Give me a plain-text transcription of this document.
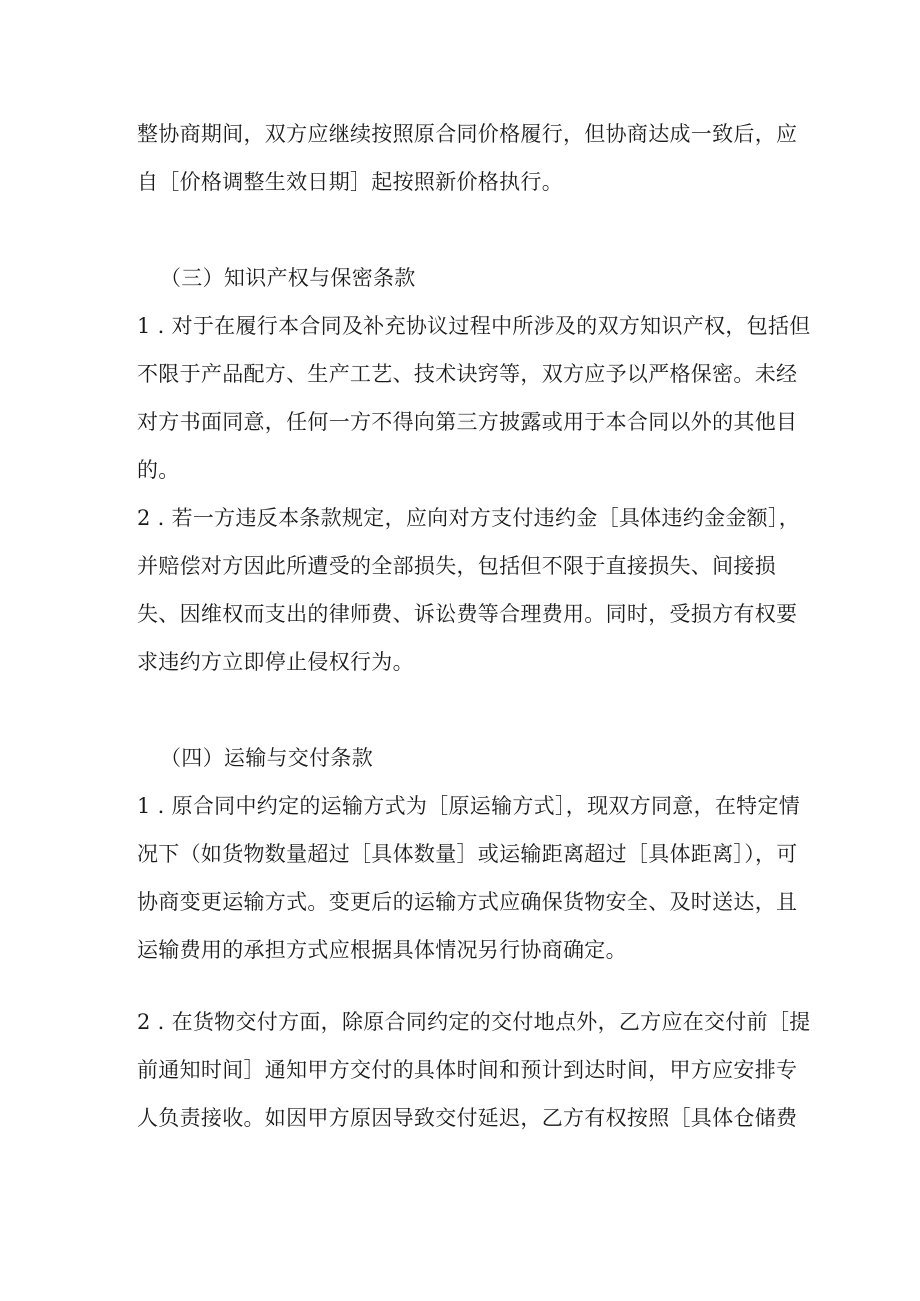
整协商期间，双方应继续按照原合同价格履行，但协商达成一致后，应
自［价格调整生效日期］起按照新价格执行。
（三）知识产权与保密条款
1 . 对于在履行本合同及补充协议过程中所涉及的双方知识产权，包括但
不限于产品配方、生产工艺、技术诀窍等，双方应予以严格保密。未经
对方书面同意，任何一方不得向第三方披露或用于本合同以外的其他目
的。
2 . 若一方违反本条款规定，应向对方支付违约金［具体违约金金额］，
并赔偿对方因此所遭受的全部损失，包括但不限于直接损失、间接损
失、因维权而支出的律师费、诉讼费等合理费用。同时，受损方有权要
求违约方立即停止侵权行为。
（四）运输与交付条款
1 . 原合同中约定的运输方式为［原运输方式］，现双方同意，在特定情
况下（如货物数量超过［具体数量］或运输距离超过［具体距离］），可
协商变更运输方式。变更后的运输方式应确保货物安全、及时送达，且
运输费用的承担方式应根据具体情况另行协商确定。
2 . 在货物交付方面，除原合同约定的交付地点外，乙方应在交付前［提
前通知时间］通知甲方交付的具体时间和预计到达时间，甲方应安排专
人负责接收。如因甲方原因导致交付延迟，乙方有权按照［具体仓储费
